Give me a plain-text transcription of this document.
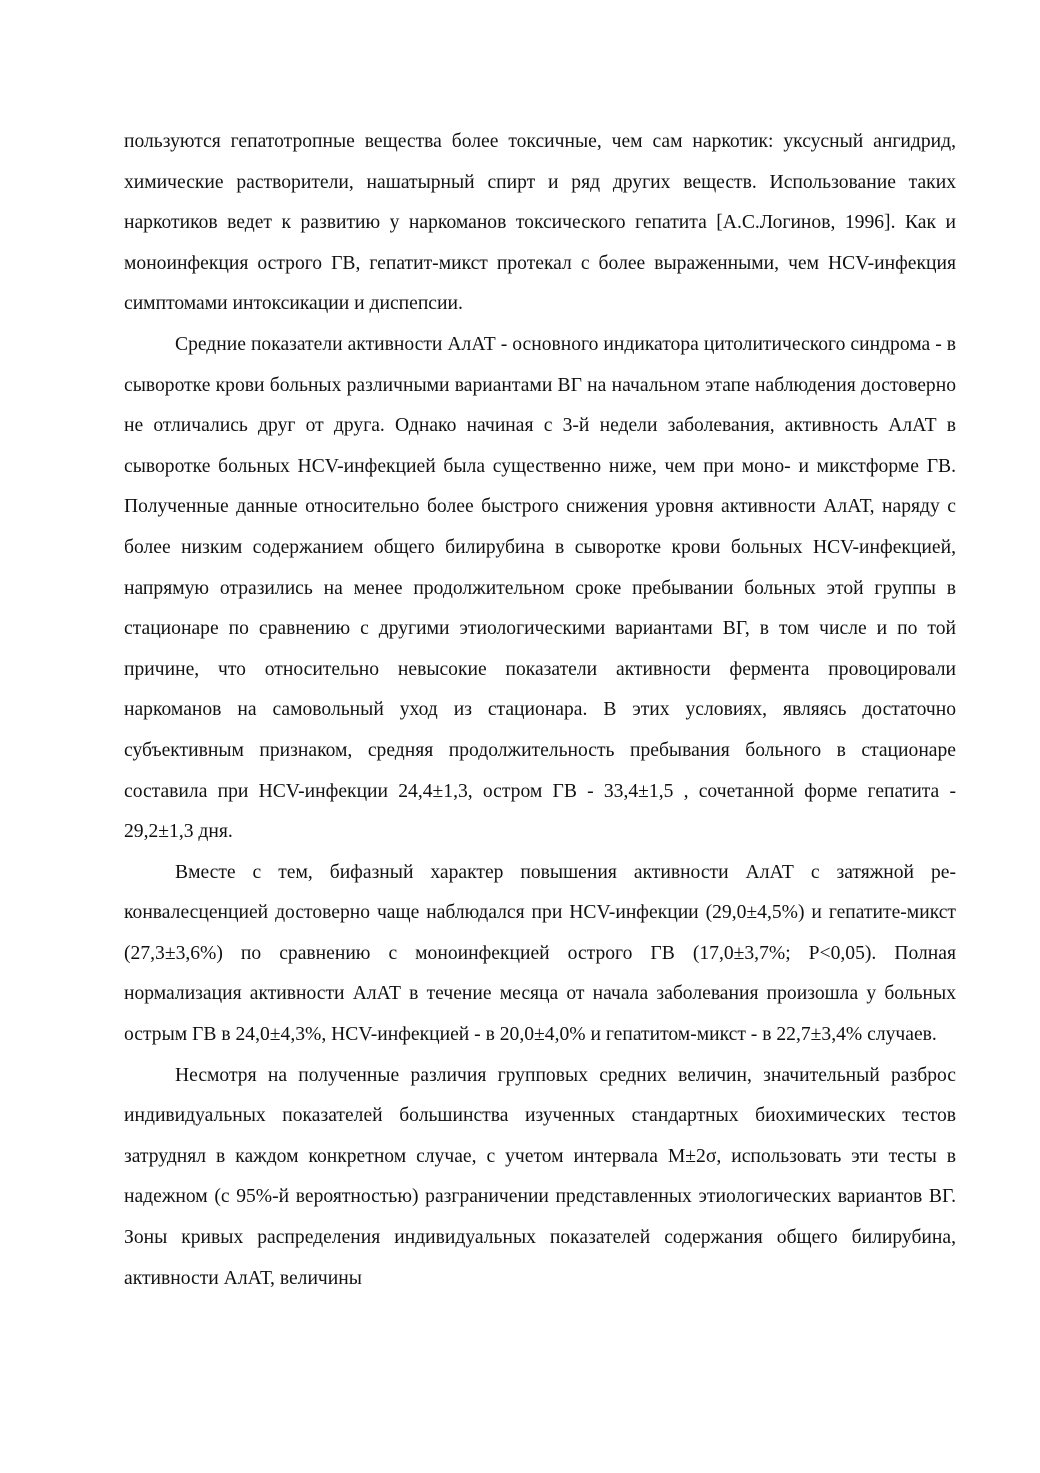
пользуются гепатотропные вещества более токсичные, чем сам наркотик: уксусный ангидрид, химические растворители, нашатырный спирт и ряд других веществ. Использование таких наркотиков ведет к развитию у наркоманов токсического гепатита [А.С.Логинов, 1996]. Как и моноинфекция острого ГВ, гепатит-микст протекал с более выраженными, чем HCV-инфекция симптомами интоксикации и диспепсии.

Средние показатели активности АлАТ - основного индикатора цитолитического синдрома - в сыворотке крови больных различными вариантами ВГ на начальном этапе наблюдения достоверно не отличались друг от друга. Однако начиная с 3-й недели заболевания, активность АлАТ в сыворотке больных HCV-инфекцией была существенно ниже, чем при моно- и микстформе ГВ. Полученные данные относительно более быстрого снижения уровня активности АлАТ, наряду с более низким содержанием общего билирубина в сыворотке крови больных HCV-инфекцией, напрямую отразились на менее продолжительном сроке пребывании больных этой группы в стационаре по сравнению с другими этиологическими вариантами ВГ, в том числе и по той причине, что относительно невысокие показатели активности фермента провоцировали наркоманов на самовольный уход из стационара. В этих условиях, являясь достаточно субъективным признаком, средняя продолжительность пребывания больного в стационаре составила при HCV-инфекции 24,4±1,3, остром ГВ - 33,4±1,5 , сочетанной форме гепатита - 29,2±1,3 дня.

Вместе с тем, бифазный характер повышения активности АлАТ с затяжной реконвалесценцией достоверно чаще наблюдался при HCV-инфекции (29,0±4,5%) и гепатите-микст (27,3±3,6%) по сравнению с моноинфекцией острого ГВ (17,0±3,7%; P<0,05). Полная нормализация активности АлАТ в течение месяца от начала заболевания произошла у больных острым ГВ в 24,0±4,3%, HCV-инфекцией - в 20,0±4,0% и гепатитом-микст - в 22,7±3,4% случаев.

Несмотря на полученные различия групповых средних величин, значительный разброс индивидуальных показателей большинства изученных стандартных биохимических тестов затруднял в каждом конкретном случае, с учетом интервала М±2σ, использовать эти тесты в надежном (с 95%-й вероятностью) разграничении представленных этиологических вариантов ВГ. Зоны кривых распределения индивидуальных показателей содержания общего билирубина, активности АлАТ, величины
